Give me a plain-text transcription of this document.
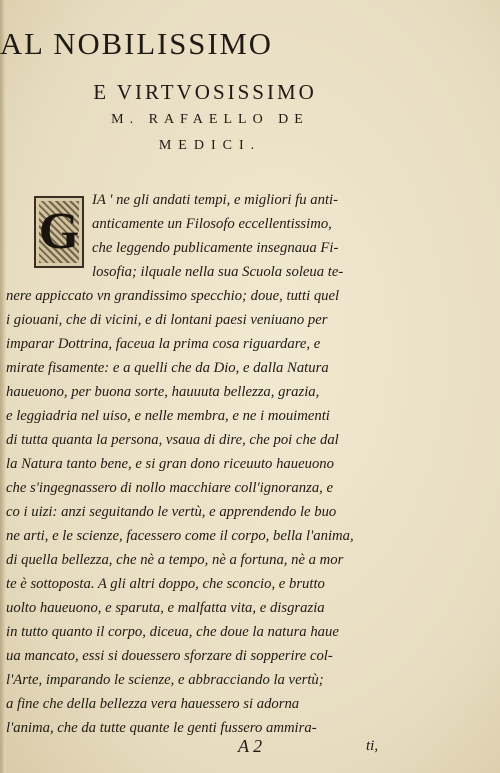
AL NOBILISSIMO
E VIRTVOSISSIMO
M. RAFAELLO DE
MEDICI.
G
IA ' ne gli andati tempi, e migliori fu anti-
anticamente un Filosofo eccellentissimo,
che leggendo publicamente insegnaua Fi-
losofia; ilquale nella sua Scuola soleua te-
nere appiccato vn grandissimo specchio; doue, tutti quel
i giouani, che di vicini, e di lontani paesi veniuano per
imparar Dottrina, faceua la prima cosa riguardare, e
mirate fisamente: e a quelli che da Dio, e dalla Natura
haueuono, per buona sorte, hauuuta bellezza, grazia,
e leggiadria nel uiso, e nelle membra, e ne i mouimenti
di tutta quanta la persona, vsaua di dire, che poi che dal
la Natura tanto bene, e si gran dono riceuuto haueuono
che s'ingegnassero di nollo macchiare coll'ignoranza, e
co i uizi: anzi seguitando le vertù, e apprendendo le buo
ne arti, e le scienze, facessero come il corpo, bella l'anima,
di quella bellezza, che nè a tempo, nè a fortuna, nè a mor
te è sottoposta. A gli altri doppo, che sconcio, e brutto
uolto haueuono, e sparuta, e malfatta vita, e disgrazia
in tutto quanto il corpo, diceua, che doue la natura haue
ua mancato, essi si douessero sforzare di sopperire col-
l'Arte, imparando le scienze, e abbracciando la vertù;
a fine che della bellezza vera hauessero si adorna
l'anima, che da tutte quante le genti fussero ammira-
A 2	ti,
